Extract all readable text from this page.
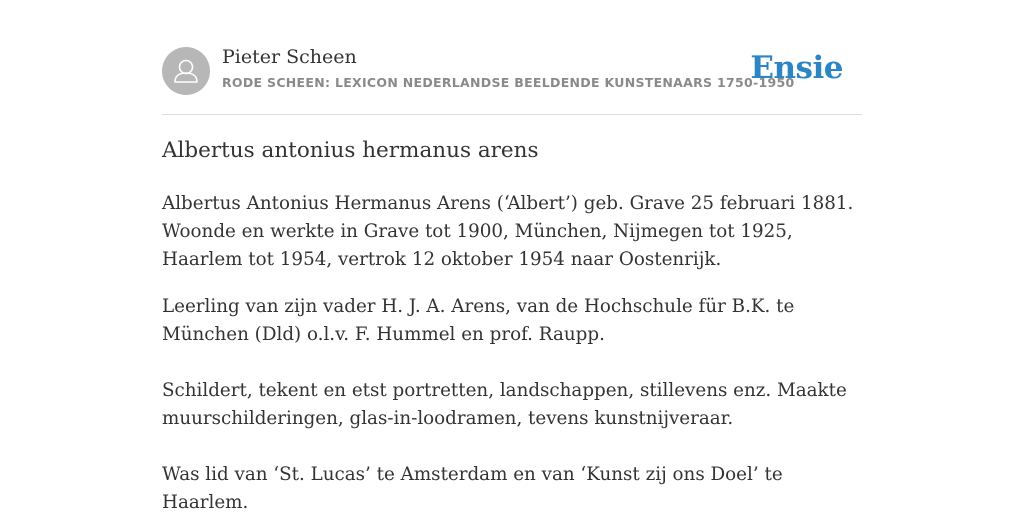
Pieter Scheen
RODE SCHEEN: LEXICON NEDERLANDSE BEELDENDE KUNSTENAARS 1750-1950
Ensie
Albertus antonius hermanus arens

Albertus Antonius Hermanus Arens (‘Albert’) geb. Grave 25 februari 1881. Woonde en werkte in Grave tot 1900, München, Nijmegen tot 1925, Haarlem tot 1954, vertrok 12 oktober 1954 naar Oostenrijk.

Leerling van zijn vader H. J. A. Arens, van de Hochschule für B.K. te München (Dld) o.l.v. F. Hummel en prof. Raupp.

Schildert, tekent en etst portretten, landschappen, stillevens enz. Maakte muurschilderingen, glas-in-loodramen, tevens kunstnijveraar.

Was lid van ‘St. Lucas’ te Amsterdam en van ‘Kunst zij ons Doel’ te Haarlem.
